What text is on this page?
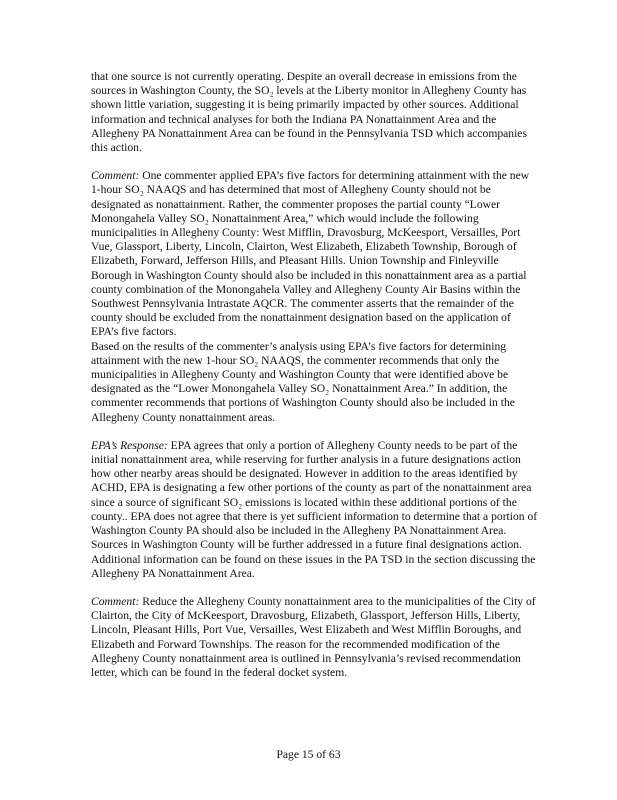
that one source is not currently operating. Despite an overall decrease in emissions from the sources in Washington County, the SO₂ levels at the Liberty monitor in Allegheny County has shown little variation, suggesting it is being primarily impacted by other sources. Additional information and technical analyses for both the Indiana PA Nonattainment Area and the Allegheny PA Nonattainment Area can be found in the Pennsylvania TSD which accompanies this action.

Comment: One commenter applied EPA’s five factors for determining attainment with the new 1-hour SO₂ NAAQS and has determined that most of Allegheny County should not be designated as nonattainment. Rather, the commenter proposes the partial county “Lower Monongahela Valley SO₂ Nonattainment Area,” which would include the following municipalities in Allegheny County: West Mifflin, Dravosburg, McKeesport, Versailles, Port Vue, Glassport, Liberty, Lincoln, Clairton, West Elizabeth, Elizabeth Township, Borough of Elizabeth, Forward, Jefferson Hills, and Pleasant Hills. Union Township and Finleyville Borough in Washington County should also be included in this nonattainment area as a partial county combination of the Monongahela Valley and Allegheny County Air Basins within the Southwest Pennsylvania Intrastate AQCR. The commenter asserts that the remainder of the county should be excluded from the nonattainment designation based on the application of EPA’s five factors.

Based on the results of the commenter’s analysis using EPA’s five factors for determining attainment with the new 1-hour SO₂ NAAQS, the commenter recommends that only the municipalities in Allegheny County and Washington County that were identified above be designated as the “Lower Monongahela Valley SO₂ Nonattainment Area.” In addition, the commenter recommends that portions of Washington County should also be included in the Allegheny County nonattainment areas.

EPA’s Response: EPA agrees that only a portion of Allegheny County needs to be part of the initial nonattainment area, while reserving for further analysis in a future designations action how other nearby areas should be designated. However in addition to the areas identified by ACHD, EPA is designating a few other portions of the county as part of the nonattainment area since a source of significant SO₂ emissions is located within these additional portions of the county.. EPA does not agree that there is yet sufficient information to determine that a portion of Washington County PA should also be included in the Allegheny PA Nonattainment Area. Sources in Washington County will be further addressed in a future final designations action. Additional information can be found on these issues in the PA TSD in the section discussing the Allegheny PA Nonattainment Area.

Comment: Reduce the Allegheny County nonattainment area to the municipalities of the City of Clairton, the City of McKeesport, Dravosburg, Elizabeth, Glassport, Jefferson Hills, Liberty, Lincoln, Pleasant Hills, Port Vue, Versailles, West Elizabeth and West Mifflin Boroughs, and Elizabeth and Forward Townships. The reason for the recommended modification of the Allegheny County nonattainment area is outlined in Pennsylvania’s revised recommendation letter, which can be found in the federal docket system.

Page 15 of 63
